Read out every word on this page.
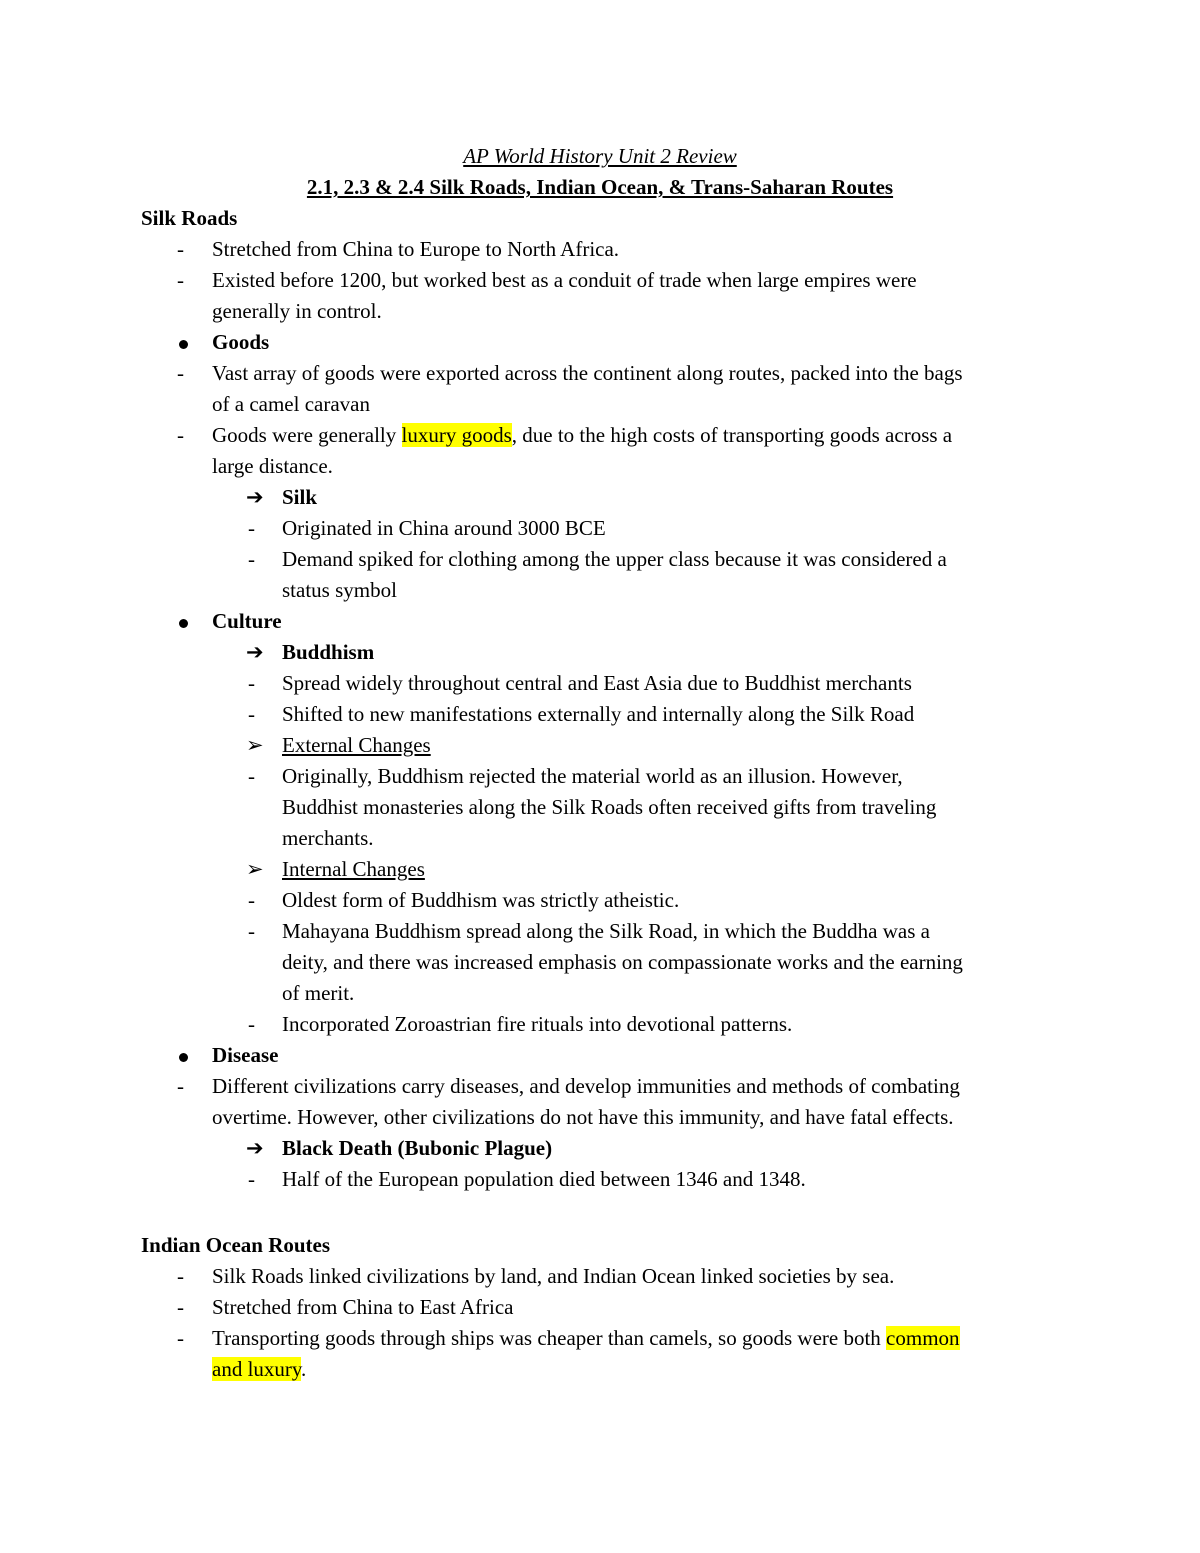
AP World History Unit 2 Review
2.1, 2.3 & 2.4 Silk Roads, Indian Ocean, & Trans-Saharan Routes
Silk Roads
- Stretched from China to Europe to North Africa.
- Existed before 1200, but worked best as a conduit of trade when large empires were
generally in control.
Goods
- Vast array of goods were exported across the continent along routes, packed into the bags
of a camel caravan
- Goods were generally luxury goods, due to the high costs of transporting goods across a
large distance.
➔ Silk
- Originated in China around 3000 BCE
- Demand spiked for clothing among the upper class because it was considered a
status symbol
Culture
➔ Buddhism
- Spread widely throughout central and East Asia due to Buddhist merchants
- Shifted to new manifestations externally and internally along the Silk Road
➢ External Changes
- Originally, Buddhism rejected the material world as an illusion. However,
Buddhist monasteries along the Silk Roads often received gifts from traveling
merchants.
➢ Internal Changes
- Oldest form of Buddhism was strictly atheistic.
- Mahayana Buddhism spread along the Silk Road, in which the Buddha was a
deity, and there was increased emphasis on compassionate works and the earning
of merit.
- Incorporated Zoroastrian fire rituals into devotional patterns.
Disease
- Different civilizations carry diseases, and develop immunities and methods of combating
overtime. However, other civilizations do not have this immunity, and have fatal effects.
➔ Black Death (Bubonic Plague)
- Half of the European population died between 1346 and 1348.
Indian Ocean Routes
- Silk Roads linked civilizations by land, and Indian Ocean linked societies by sea.
- Stretched from China to East Africa
- Transporting goods through ships was cheaper than camels, so goods were both common
and luxury.
